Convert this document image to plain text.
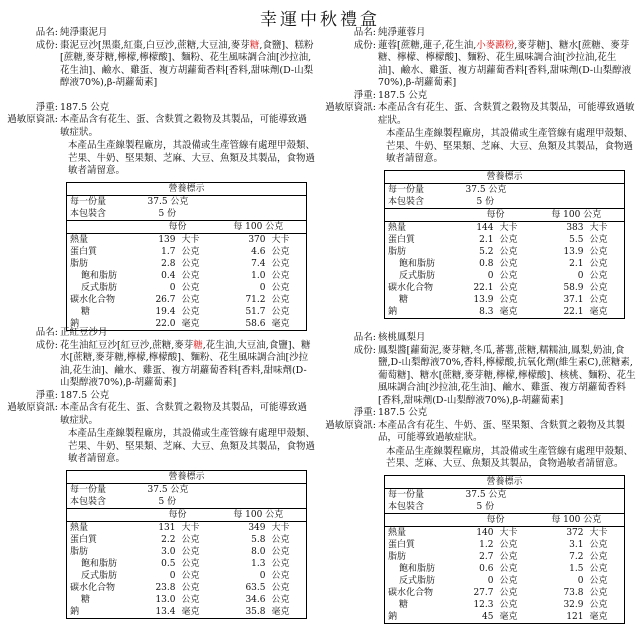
幸運中秋禮盒
品名: 純淨棗泥月
成份: 棗泥豆沙[黑棗,紅棗,白豆沙,蔗糖,大豆油,麥芽糖,食鹽]、糕粉[蔗糖,麥芽糖,檸檬,檸檬酸]、麵粉、花生風味調合油[沙拉油,花生油]、鹼水、雞蛋、複方胡蘿蔔香料[香料,甜味劑(D-山梨醇液70%),β-胡蘿蔔素]
淨重: 187.5 公克
過敏原資訊: 本產品含有花生、蛋、含麩質之穀物及其製品，可能導致過敏症狀。
本產品生產線製程廠房，其設備或生產管線有處理甲殼類、芒果、牛奶、堅果類、芝麻、大豆、魚類及其製品，食物過敏者請留意。
營養標示				
每一份量	37.5 公克			
本包裝含	5 份			
	每份		每 100 公克	
熱量	139	大卡	370	大卡
蛋白質	1.7	公克	4.6	公克
脂肪	2.8	公克	7.4	公克
飽和脂肪	0.4	公克	1.0	公克
反式脂肪	0	公克	0	公克
碳水化合物	26.7	公克	71.2	公克
糖	19.4	公克	51.7	公克
鈉	22.0	毫克	58.6	毫克
品名: 純淨蓮蓉月
成份: 蓮蓉[蔗糖,蓮子,花生油,小麥澱粉,麥芽糖]、糖水[蔗糖、麥芽糖、檸檬、檸檬酸]、麵粉、花生風味調合油[沙拉油,花生油]、鹼水、雞蛋、複方胡蘿蔔香料[香料,甜味劑(D-山梨醇液70%),β-胡蘿蔔素]
淨重: 187.5 公克
過敏原資訊: 本產品含有花生、蛋、含麩質之穀物及其製品，可能導致過敏症狀。
本產品生產線製程廠房，其設備或生產管線有處理甲殼類、芒果、牛奶、堅果類、芝麻、大豆、魚類及其製品，食物過敏者請留意。
營養標示				
每一份量	37.5 公克			
本包裝含	5 份			
	每份		每 100 公克	
熱量	144	大卡	383	大卡
蛋白質	2.1	公克	5.5	公克
脂肪	5.2	公克	13.9	公克
飽和脂肪	0.8	公克	2.1	公克
反式脂肪	0	公克	0	公克
碳水化合物	22.1	公克	58.9	公克
糖	13.9	公克	37.1	公克
鈉	8.3	毫克	22.1	毫克
品名: 正紅豆沙月
成份: 花生油紅豆沙[紅豆沙,蔗糖,麥芽糖,花生油,大豆油,食鹽]、糖水[蔗糖,麥芽糖,檸檬,檸檬酸]、麵粉、花生風味調合油[沙拉油,花生油]、鹼水、雞蛋、複方胡蘿蔔香料[香料,甜味劑(D-山梨醇液70%),β-胡蘿蔔素]
淨重: 187.5 公克
過敏原資訊: 本產品含有花生、蛋、含麩質之穀物及其製品，可能導致過敏症狀。
本產品生產線製程廠房，其設備或生產管線有處理甲殼類、芒果、牛奶、堅果類、芝麻、大豆、魚類及其製品，食物過敏者請留意。
營養標示				
每一份量	37.5 公克			
本包裝含	5 份			
	每份		每 100 公克	
熱量	131	大卡	349	大卡
蛋白質	2.2	公克	5.8	公克
脂肪	3.0	公克	8.0	公克
飽和脂肪	0.5	公克	1.3	公克
反式脂肪	0	公克	0	公克
碳水化合物	23.8	公克	63.5	公克
糖	13.0	公克	34.6	公克
鈉	13.4	毫克	35.8	毫克
品名: 核桃鳳梨月
成份: 鳳梨醬[蘿蔔泥,麥芽糖,冬瓜,蕃薯,蔗糖,糯糯油,鳳梨,奶油,食鹽,D-山梨醇液70%,香料,檸檬酸,抗氧化劑(維生素C),蔗糖素,葡萄糖]、糖水[蔗糖,麥芽糖,檸檬,檸檬酸]、核桃、麵粉、花生風味調合油[沙拉油,花生油]、鹼水、雞蛋、複方胡蘿蔔香料[香料,甜味劑(D-山梨醇液70%),β-胡蘿蔔素]
淨重: 187.5 公克
過敏原資訊: 本產品含有花生、牛奶、蛋、堅果類、含麩質之穀物及其製品，可能導致過敏症狀。
本產品生產線製程廠房，其設備或生產管線有處理甲殼類、芒果、芝麻、大豆、魚類及其製品，食物過敏者請留意。
營養標示				
每一份量	37.5 公克			
本包裝含	5 份			
	每份		每 100 公克	
熱量	140	大卡	372	大卡
蛋白質	1.2	公克	3.1	公克
脂肪	2.7	公克	7.2	公克
飽和脂肪	0.6	公克	1.5	公克
反式脂肪	0	公克	0	公克
碳水化合物	27.7	公克	73.8	公克
糖	12.3	公克	32.9	公克
鈉	45	毫克	121	毫克
